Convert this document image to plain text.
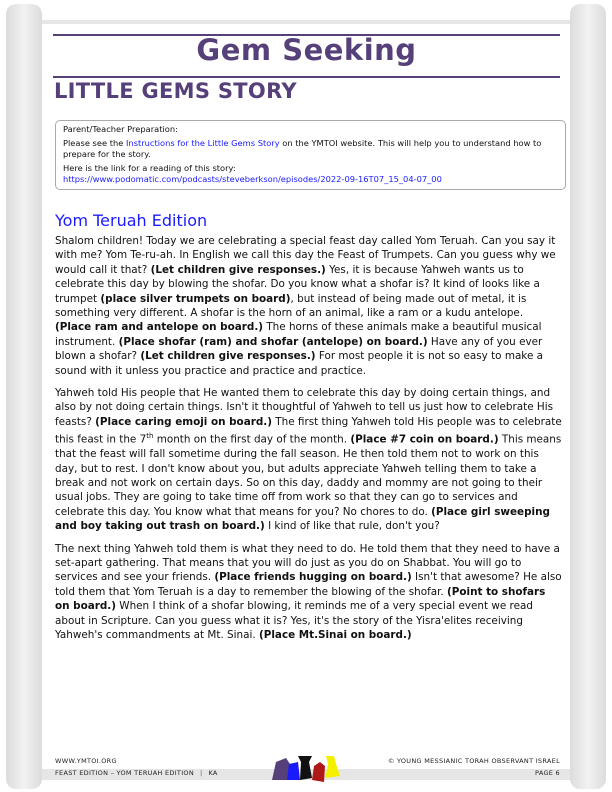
Gem Seeking
LITTLE GEMS STORY

Parent/Teacher Preparation:

Please see the Instructions for the Little Gems Story on the YMTOI website. This will help you to understand how to prepare for the story.

Here is the link for a reading of this story:

https://www.podomatic.com/podcasts/steveberkson/episodes/2022-09-16T07_15_04-07_00

Yom Teruah Edition

Shalom children! Today we are celebrating a special feast day called Yom Teruah. Can you say it with me? Yom Te-ru-ah. In English we call this day the Feast of Trumpets. Can you guess why we would call it that? (Let children give responses.) Yes, it is because Yahweh wants us to celebrate this day by blowing the shofar. Do you know what a shofar is? It kind of looks like a trumpet (place silver trumpets on board), but instead of being made out of metal, it is something very different. A shofar is the horn of an animal, like a ram or a kudu antelope. (Place ram and antelope on board.) The horns of these animals make a beautiful musical instrument. (Place shofar (ram) and shofar (antelope) on board.) Have any of you ever blown a shofar? (Let children give responses.) For most people it is not so easy to make a sound with it unless you practice and practice and practice.

Yahweh told His people that He wanted them to celebrate this day by doing certain things, and also by not doing certain things. Isn't it thoughtful of Yahweh to tell us just how to celebrate His feasts? (Place caring emoji on board.) The first thing Yahweh told His people was to celebrate this feast in the 7th month on the first day of the month. (Place #7 coin on board.) This means that the feast will fall sometime during the fall season. He then told them not to work on this day, but to rest. I don't know about you, but adults appreciate Yahweh telling them to take a break and not work on certain days. So on this day, daddy and mommy are not going to their usual jobs. They are going to take time off from work so that they can go to services and celebrate this day. You know what that means for you? No chores to do. (Place girl sweeping and boy taking out trash on board.) I kind of like that rule, don't you?

The next thing Yahweh told them is what they need to do. He told them that they need to have a set-apart gathering. That means that you will do just as you do on Shabbat. You will go to services and see your friends. (Place friends hugging on board.) Isn't that awesome? He also told them that Yom Teruah is a day to remember the blowing of the shofar. (Point to shofars on board.) When I think of a shofar blowing, it reminds me of a very special event we read about in Scripture. Can you guess what it is? Yes, it's the story of the Yisra'elites receiving Yahweh's commandments at Mt. Sinai. (Place Mt.Sinai on board.)

WWW.YMTOI.ORG
FEAST EDITION – YOM TERUAH EDITION | KA
© YOUNG MESSIANIC TORAH OBSERVANT ISRAEL
PAGE 6
